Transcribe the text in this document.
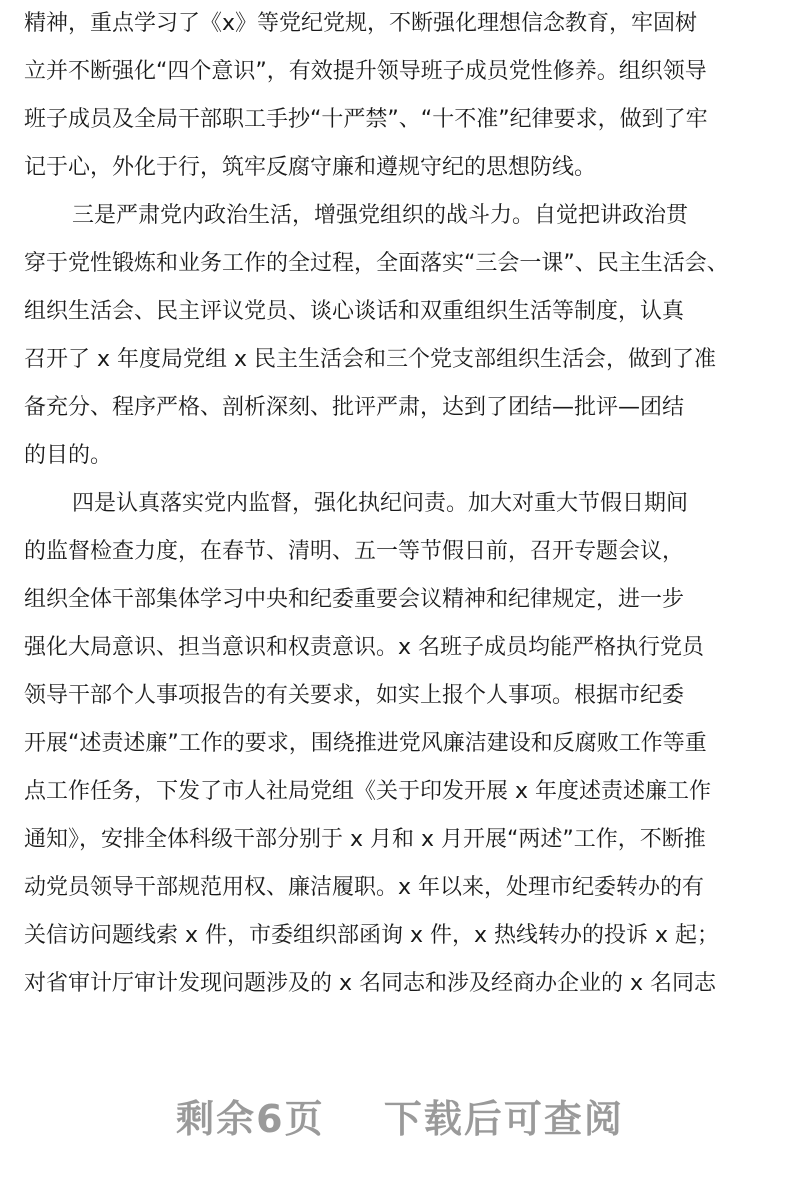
精神，重点学习了《x》等党纪党规，不断强化理想信念教育，牢固树
立并不断强化“四个意识”，有效提升领导班子成员党性修养。组织领导
班子成员及全局干部职工手抄“十严禁”、“十不准”纪律要求，做到了牢
记于心，外化于行，筑牢反腐守廉和遵规守纪的思想防线。
三是严肃党内政治生活，增强党组织的战斗力。自觉把讲政治贯
穿于党性锻炼和业务工作的全过程，全面落实“三会一课”、民主生活会、
组织生活会、民主评议党员、谈心谈话和双重组织生活等制度，认真
召开了 x 年度局党组 x 民主生活会和三个党支部组织生活会，做到了准
备充分、程序严格、剖析深刻、批评严肃，达到了团结—批评—团结
的目的。
四是认真落实党内监督，强化执纪问责。加大对重大节假日期间
的监督检查力度，在春节、清明、五一等节假日前，召开专题会议，
组织全体干部集体学习中央和纪委重要会议精神和纪律规定，进一步
强化大局意识、担当意识和权责意识。x 名班子成员均能严格执行党员
领导干部个人事项报告的有关要求，如实上报个人事项。根据市纪委
开展“述责述廉”工作的要求，围绕推进党风廉洁建设和反腐败工作等重
点工作任务，下发了市人社局党组《关于印发开展 x 年度述责述廉工作
通知》，安排全体科级干部分别于 x 月和 x 月开展“两述”工作，不断推
动党员领导干部规范用权、廉洁履职。x 年以来，处理市纪委转办的有
关信访问题线索 x 件，市委组织部函询 x 件，x 热线转办的投诉 x 起；
对省审计厅审计发现问题涉及的 x 名同志和涉及经商办企业的 x 名同志
剩余6页 下载后可查阅
